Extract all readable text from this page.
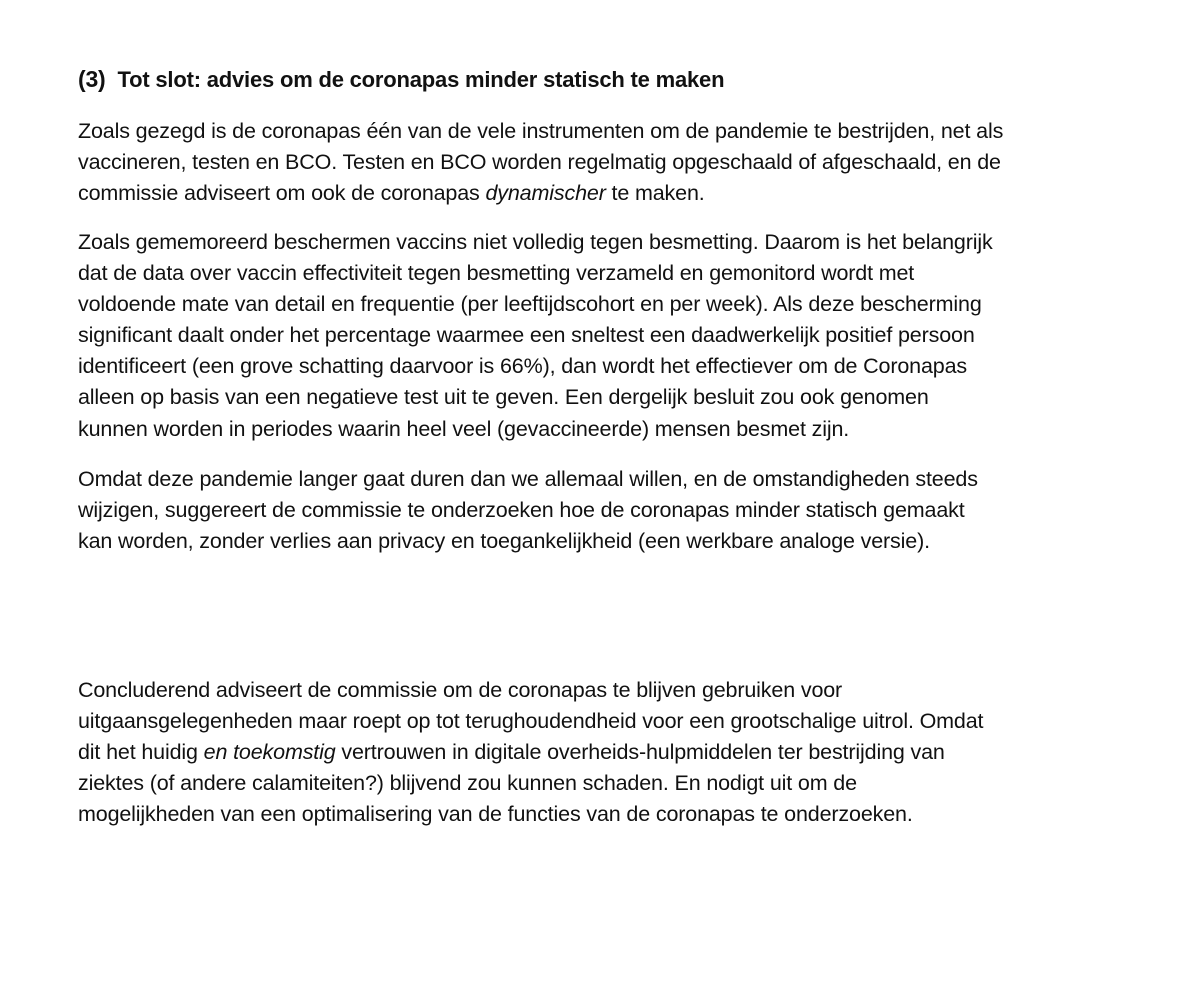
(3) Tot slot: advies om de coronapas minder statisch te maken
Zoals gezegd is de coronapas één van de vele instrumenten om de pandemie te bestrijden, net als
vaccineren, testen en BCO. Testen en BCO worden regelmatig opgeschaald of afgeschaald, en de
commissie adviseert om ook de coronapas dynamischer te maken.
Zoals gememoreerd beschermen vaccins niet volledig tegen besmetting. Daarom is het belangrijk
dat de data over vaccin effectiviteit tegen besmetting verzameld en gemonitord wordt met
voldoende mate van detail en frequentie (per leeftijdscohort en per week). Als deze bescherming
significant daalt onder het percentage waarmee een sneltest een daadwerkelijk positief persoon
identificeert (een grove schatting daarvoor is 66%), dan wordt het effectiever om de Coronapas
alleen op basis van een negatieve test uit te geven. Een dergelijk besluit zou ook genomen
kunnen worden in periodes waarin heel veel (gevaccineerde) mensen besmet zijn.
Omdat deze pandemie langer gaat duren dan we allemaal willen, en de omstandigheden steeds
wijzigen, suggereert de commissie te onderzoeken hoe de coronapas minder statisch gemaakt
kan worden, zonder verlies aan privacy en toegankelijkheid (een werkbare analoge versie).
Concluderend adviseert de commissie om de coronapas te blijven gebruiken voor
uitgaansgelegenheden maar roept op tot terughoudendheid voor een grootschalige uitrol. Omdat
dit het huidig en toekomstig vertrouwen in digitale overheids-hulpmiddelen ter bestrijding van
ziektes (of andere calamiteiten?) blijvend zou kunnen schaden. En nodigt uit om de
mogelijkheden van een optimalisering van de functies van de coronapas te onderzoeken.
